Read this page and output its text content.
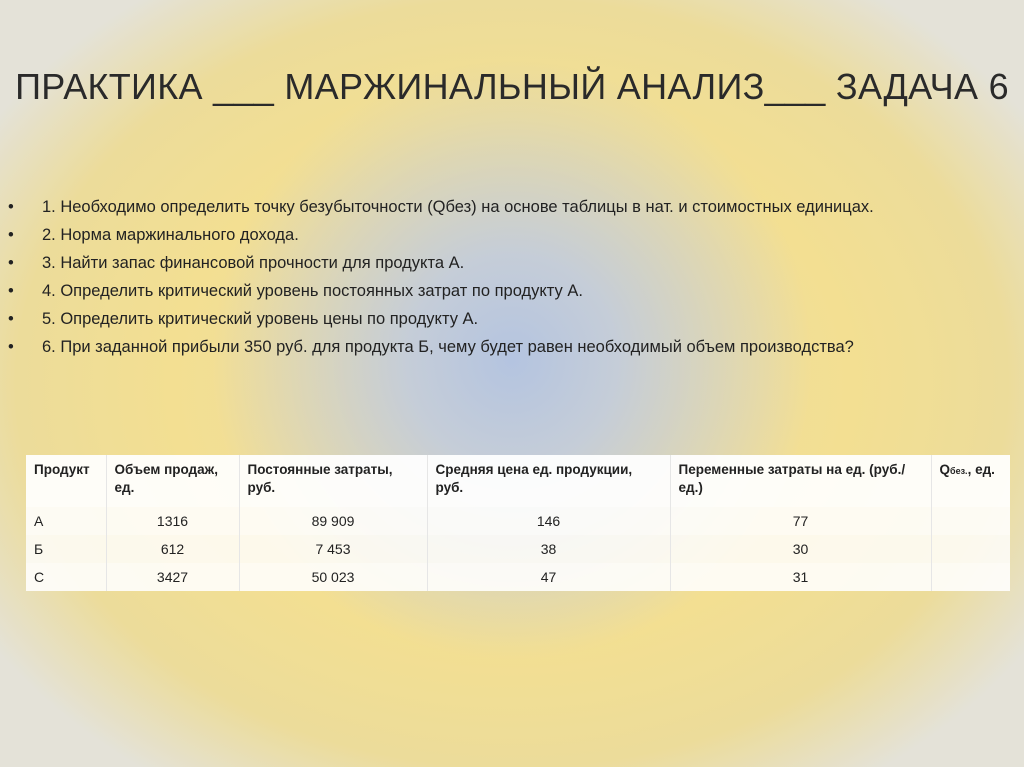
ПРАКТИКА ___ МАРЖИНАЛЬНЫЙ АНАЛИЗ___ ЗАДАЧА 6
• 1. Необходимо определить точку безубыточности (Qбез) на основе таблицы в нат. и стоимостных единицах.
• 2. Норма маржинального дохода.
• 3. Найти запас финансовой прочности для продукта А.
• 4. Определить критический уровень постоянных затрат по продукту А.
• 5. Определить критический уровень цены по продукту А.
• 6. При заданной прибыли 350 руб. для продукта Б, чему будет равен необходимый объем производства?
Продукт	Объем продаж, ед.	Постоянные затраты, руб.	Средняя цена ед. продукции, руб.	Переменные затраты на ед. (руб./ед.)	Qбез., ед.
А	1316	89 909	146	77	
Б	612	7 453	38	30	
С	3427	50 023	47	31	
